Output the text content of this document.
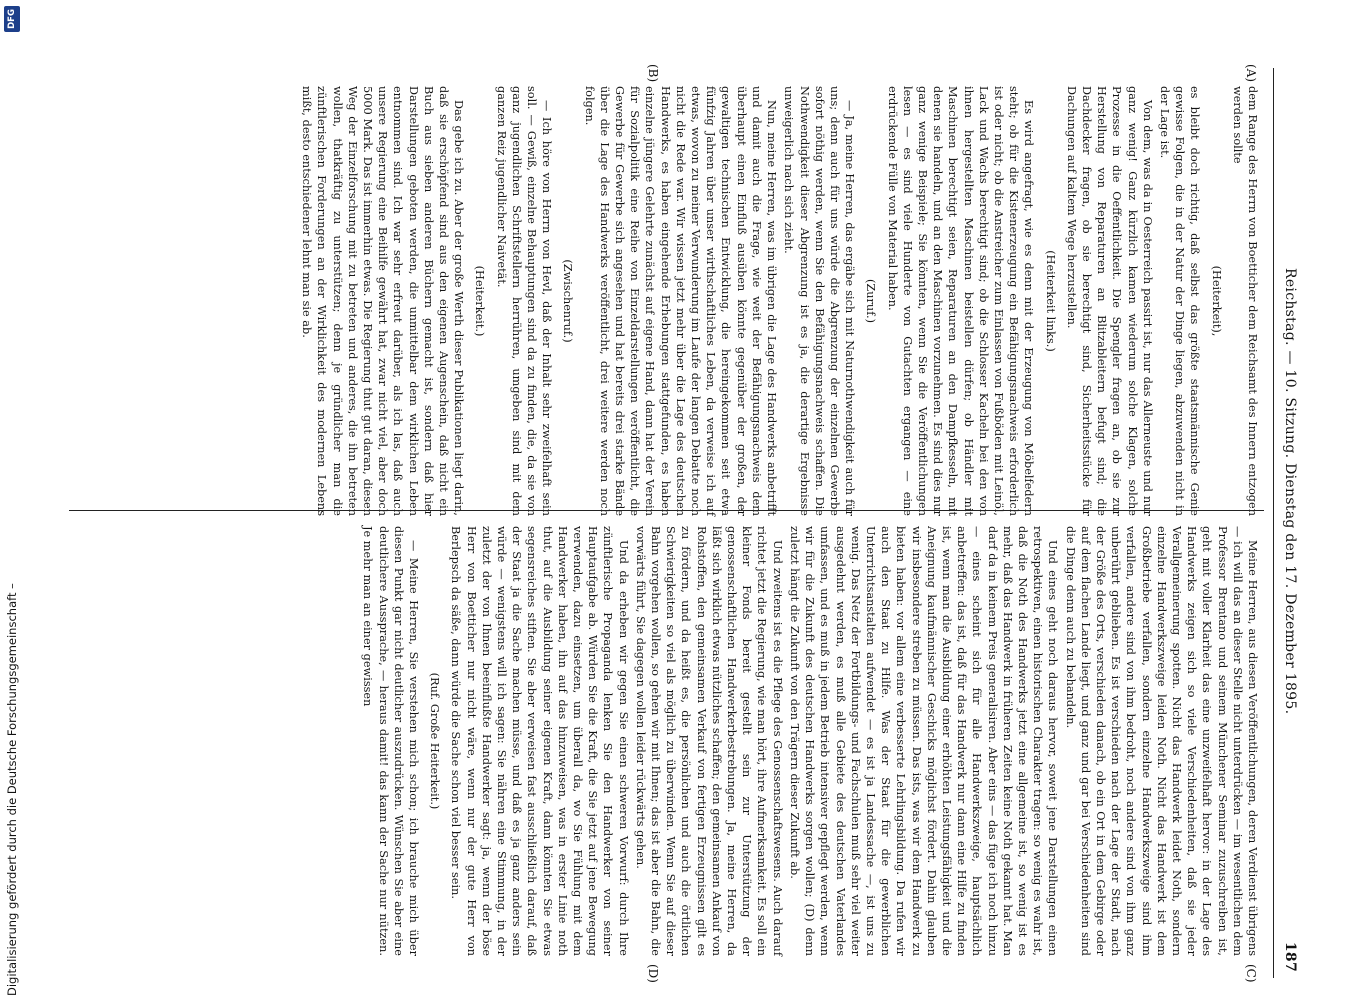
Reichstag. — 10. Sitzung. Dienstag den 17. Dezember 1895.
187
(A)
(B)
(C)
(D)

dem Range des Herrn von Boetticher dem Reichsamt des Innern entzogen werden sollte

(Heiterkeit),

es bleibt doch richtig, daß selbst das größte staatsmännische Genie gewisse Folgen, die in der Natur der Dinge liegen, abzuwenden nicht in der Lage ist.

Von dem, was da in Oesterreich passirt ist, nur das Allerneuste und nur ganz wenig! Ganz kürzlich kamen wiederum solche Klagen, solche Prozesse in die Oeffentlichkeit. Die Spengler fragen an, ob sie zur Herstellung von Reparaturen an Blitzableitern befugt sind; die Dachdecker fragen, ob sie berechtigt sind, Sicherheitsstücke für Dachungen auf kaltem Wege herzustellen.

(Heiterkeit links.)

Es wird angefragt, wie es denn mit der Erzeugung von Möbelfedern steht; ob für die Kistenerzeugung ein Befähigungsnachweis erforderlich ist oder nicht; ob die Anstreicher zum Einlassen von Fußböden mit Leinöl, Lack und Wachs berechtigt sind; ob die Schlosser Kacheln bei den von ihnen hergestellten Maschinen beistellen dürfen; ob Händler mit Maschinen berechtigt seien, Reparaturen an den Dampfkesseln, mit denen sie handeln, und an den Maschinen vorzunehmen. Es sind dies nur ganz wenige Beispiele; Sie könnten, wenn Sie die Veröffentlichungen lesen — es sind viele Hunderte von Gutachten ergangen — eine erdrückende Fülle von Material haben.

(Zuruf.)

— Ja, meine Herren, das ergäbe sich mit Naturnothwendigkeit auch für uns; denn auch für uns würde die Abgrenzung der einzelnen Gewerbe sofort nöthig werden, wenn Sie den Befähigungsnachweis schaffen. Die Nothwendigkeit dieser Abgrenzung ist es ja, die derartige Ergebnisse unweigerlich nach sich zieht.

Nun, meine Herren, was im übrigen die Lage des Handwerks anbetrifft und damit auch die Frage, wie weit der Befähigungsnachweis dem überhaupt einen Einfluß ausüben könnte gegenüber der großen, der gewaltigen technischen Entwicklung, die hereingekommen seit etwa fünfzig Jahren über unser wirthschaftliches Leben, da verweise ich auf etwas, wovon zu meiner Verwunderung im Laufe der langen Debatte noch nicht die Rede war. Wir wissen jetzt mehr über die Lage des deutschen Handwerks, es haben eingehende Erhebungen stattgefunden, es haben einzelne jüngere Gelehrte zunächst auf eigene Hand, dann hat der Verein für Sozialpolitik eine Reihe von Einzeldarstellungen veröffentlicht, die Gewerbe für Gewerbe sich angesehen und hat bereits drei starke Bände über die Lage des Handwerks veröffentlicht, drei weitere werden noch folgen.

(Zwischenruf.)

— Ich höre von Herrn von Hevl, daß der Inhalt sehr zweifelhaft sein soll. — Gewiß, einzelne Behauptungen sind da zu finden, die, da sie von ganz jugendlichen Schriftstellern herrühren, umgeben sind mit dem ganzen Reiz jugendlicher Naivetät.

(Heiterkeit.)

Das gebe ich zu. Aber der große Werth dieser Publikationen liegt darin, daß sie erschöpfend sind aus den eigenen Augenschein, daß nicht ein Buch aus sieben anderen Büchern gemacht ist, sondern daß hier Darstellungen geboten werden, die unmittelbar dem wirklichen Leben entnommen sind. Ich war sehr erfreut darüber, als ich las, daß auch unsere Regierung eine Beihilfe gewährt hat, zwar nicht viel, aber doch 5000 Mark. Das ist immerhin etwas. Die Regierung thut gut daran, diesen Weg der Einzelforschung mit zu betreten und anderes, die ihn betreten wollen, thatkräftig zu unterstützen; denn je gründlicher man die zünftlerischen Forderungen an der Wirklichkeit des modernen Lebens mißt, desto entschiedener lehnt man sie ab.

Meine Herren, aus diesen Veröffentlichungen, deren Verdienst übrigens — ich will das an dieser Stelle nicht unterdrücken — im wesentlichen dem Professor Brentano und seinem Münchener Seminar zuzuschreiben ist, geht mit voller Klarheit das eine unzweifelhaft hervor: in der Lage des Handwerks zeigen sich so viele Verschiedenheiten, daß sie jeder Verallgemeinerung spotten. Nicht das Handwerk leidet Noth, sondern einzelne Handwerkszweige leiden Noth. Nicht das Handwerk ist dem Großbetriebe verfallen, sondern einzelne Handwerkszweige sind ihm verfallen, andere sind von ihm bedroht, noch andere sind von ihm ganz unberührt geblieben. Es ist verschieden nach der Lage der Stadt, nach der Größe des Orts, verschieden danach, ob ein Ort in dem Gebirge oder auf dem flachen Lande liegt, und ganz und gar bei Verschiedenheiten sind die Dinge denn auch zu behandeln.

Und eines geht noch daraus hervor, soweit jene Darstellungen einen retrospektiven, einen historischen Charakter tragen: so wenig es wahr ist, daß die Noth des Handwerks jetzt eine allgemeine ist, so wenig ist es mehr, daß das Handwerk in früheren Zeiten keine Noth gekannt hat. Man darf da in keinem Preis generalisiren. Aber eins — das füge ich noch hinzu — eines scheint sich für alle Handwerkszweige, hauptsächlich anbetreffen: das ist, daß für das Handwerk nur dann eine Hilfe zu finden ist, wenn man die Ausbildung einer erhöhten Leistungsfähigkeit und die Aneignung kaufmännischer Geschicks möglichst fördert. Dahin glauben wir insbesondere streben zu müssen. Das ists, was wir dem Handwerk zu bieten haben: vor allem eine verbesserte Lehrlingsbildung. Da rufen wir auch den Staat zu Hilfe. Was der Staat für die gewerblichen Unterrichtsanstalten aufwendet — es ist ja Landessache —, ist uns zu wenig. Das Netz der Fortbildungs- und Fachschulen muß sehr viel weiter ausgedehnt werden, es muß alle Gebiete des deutschen Vaterlandes umfassen, und es muß in jedem Betrieb intensiver gepflegt werden, wenn wir für die Zukunft des deutschen Handwerks sorgen wollen; (D) denn zuletzt hängt die Zukunft von den Trägern dieser Zukunft ab.

Und zweitens ist es die Pflege des Genossenschaftswesens. Auch darauf richtet jetzt die Regierung, wie man hört, ihre Aufmerksamkeit. Es soll ein kleiner Fonds bereit gestellt sein zur Unterstützung der genossenschaftlichen Handwerkerbestrebungen. Ja, meine Herren, da läßt sich wirklich etwas nützliches schaffen; den gemeinsamen Ankauf von Rohstoffen, den gemeinsamen Verkauf von fertigen Erzeugnissen gilt es zu fördern, und da heißt es, die persönlichen und auch die örtlichen Schwierigkeiten so viel als möglich zu überwinden. Wenn Sie auf dieser Bahn vorgehen wollen, so gehen wir mit Ihnen; das ist aber die Bahn, die vorwärts führt, Sie dagegen wollen leider rückwärts gehen.

Und da erheben wir gegen Sie einen schweren Vorwurf: durch Ihre zünftlerische Propaganda lenken Sie den Handwerker von seiner Hauptaufgabe ab. Würden Sie die Kraft, die Sie jetzt auf jene Bewegung verwenden, dazu einsetzen, um überall da, wo Sie Fühlung mit dem Handwerker haben, ihn auf das hinzuweisen, was in erster Linie noth thut, auf die Ausbildung seiner eigenen Kraft, dann könnten Sie etwas segensreiches stiften. Sie aber verweisen fast ausschließlich darauf, daß der Staat ja die Sache machen müsse, und daß es ja ganz anders sein würde — wenigstens will ich sagen: Sie nähren eine Stimmung, in der zuletzt der von Ihnen beeinflußte Handwerker sagt: ja, wenn der böse Herr von Boetticher nur nicht wäre, wenn nur der gute Herr von Berlepsch da säße, dann würde die Sache schon viel besser sein.

(Ruf. Große Heiterkeit.)

— Meine Herren, Sie verstehen mich schon; ich brauche mich über diesen Punkt gar nicht deutlicher auszudrücken. Wünschen Sie aber eine deutlichere Aussprache, — heraus damit! das kann der Sache nur nützen. Je mehr man an einer gewissen

Digitalisierung gefördert durch die Deutsche Forschungsgemeinschaft –
DFG
